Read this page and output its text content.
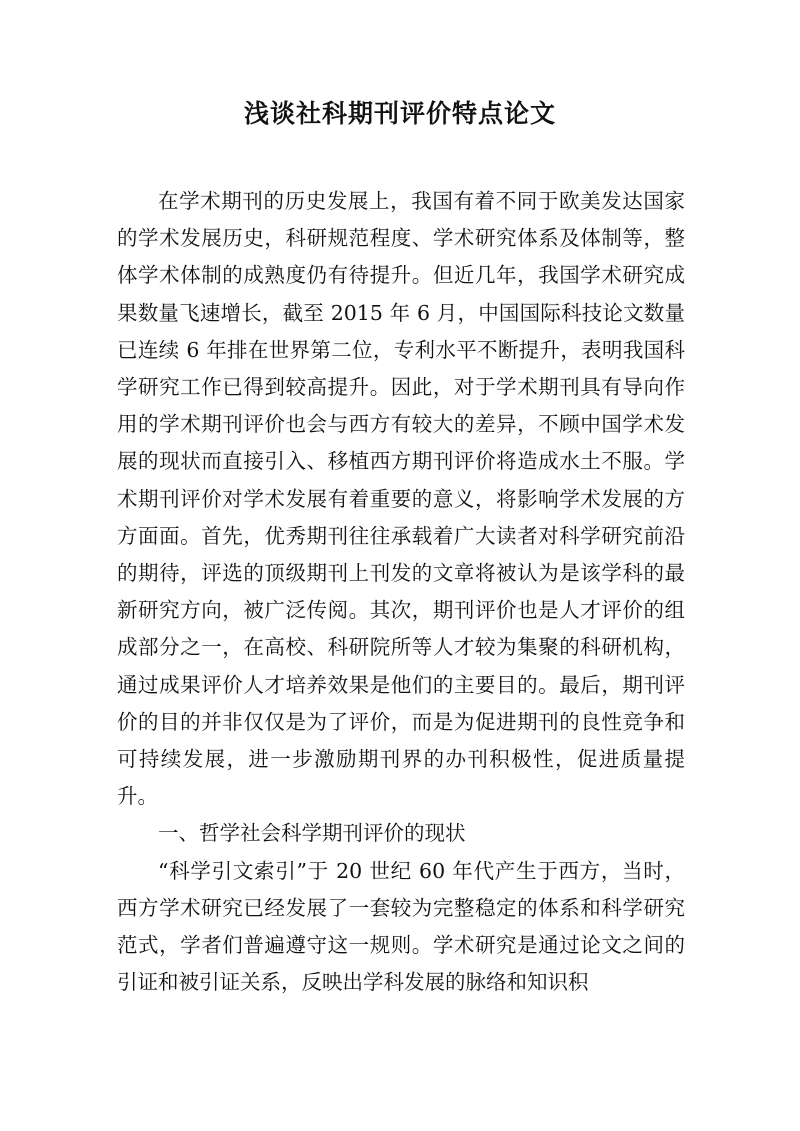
浅谈社科期刊评价特点论文

在学术期刊的历史发展上，我国有着不同于欧美发达国家的学术发展历史，科研规范程度、学术研究体系及体制等，整体学术体制的成熟度仍有待提升。但近几年，我国学术研究成果数量飞速增长，截至 2015 年 6 月，中国国际科技论文数量已连续 6 年排在世界第二位，专利水平不断提升，表明我国科学研究工作已得到较高提升。因此，对于学术期刊具有导向作用的学术期刊评价也会与西方有较大的差异，不顾中国学术发展的现状而直接引入、移植西方期刊评价将造成水土不服。学术期刊评价对学术发展有着重要的意义，将影响学术发展的方方面面。首先，优秀期刊往往承载着广大读者对科学研究前沿的期待，评选的顶级期刊上刊发的文章将被认为是该学科的最新研究方向，被广泛传阅。其次，期刊评价也是人才评价的组成部分之一，在高校、科研院所等人才较为集聚的科研机构，通过成果评价人才培养效果是他们的主要目的。最后，期刊评价的目的并非仅仅是为了评价，而是为促进期刊的良性竞争和可持续发展，进一步激励期刊界的办刊积极性，促进质量提升。

一、哲学社会科学期刊评价的现状

“科学引文索引”于 20 世纪 60 年代产生于西方，当时，西方学术研究已经发展了一套较为完整稳定的体系和科学研究范式，学者们普遍遵守这一规则。学术研究是通过论文之间的引证和被引证关系，反映出学科发展的脉络和知识积
